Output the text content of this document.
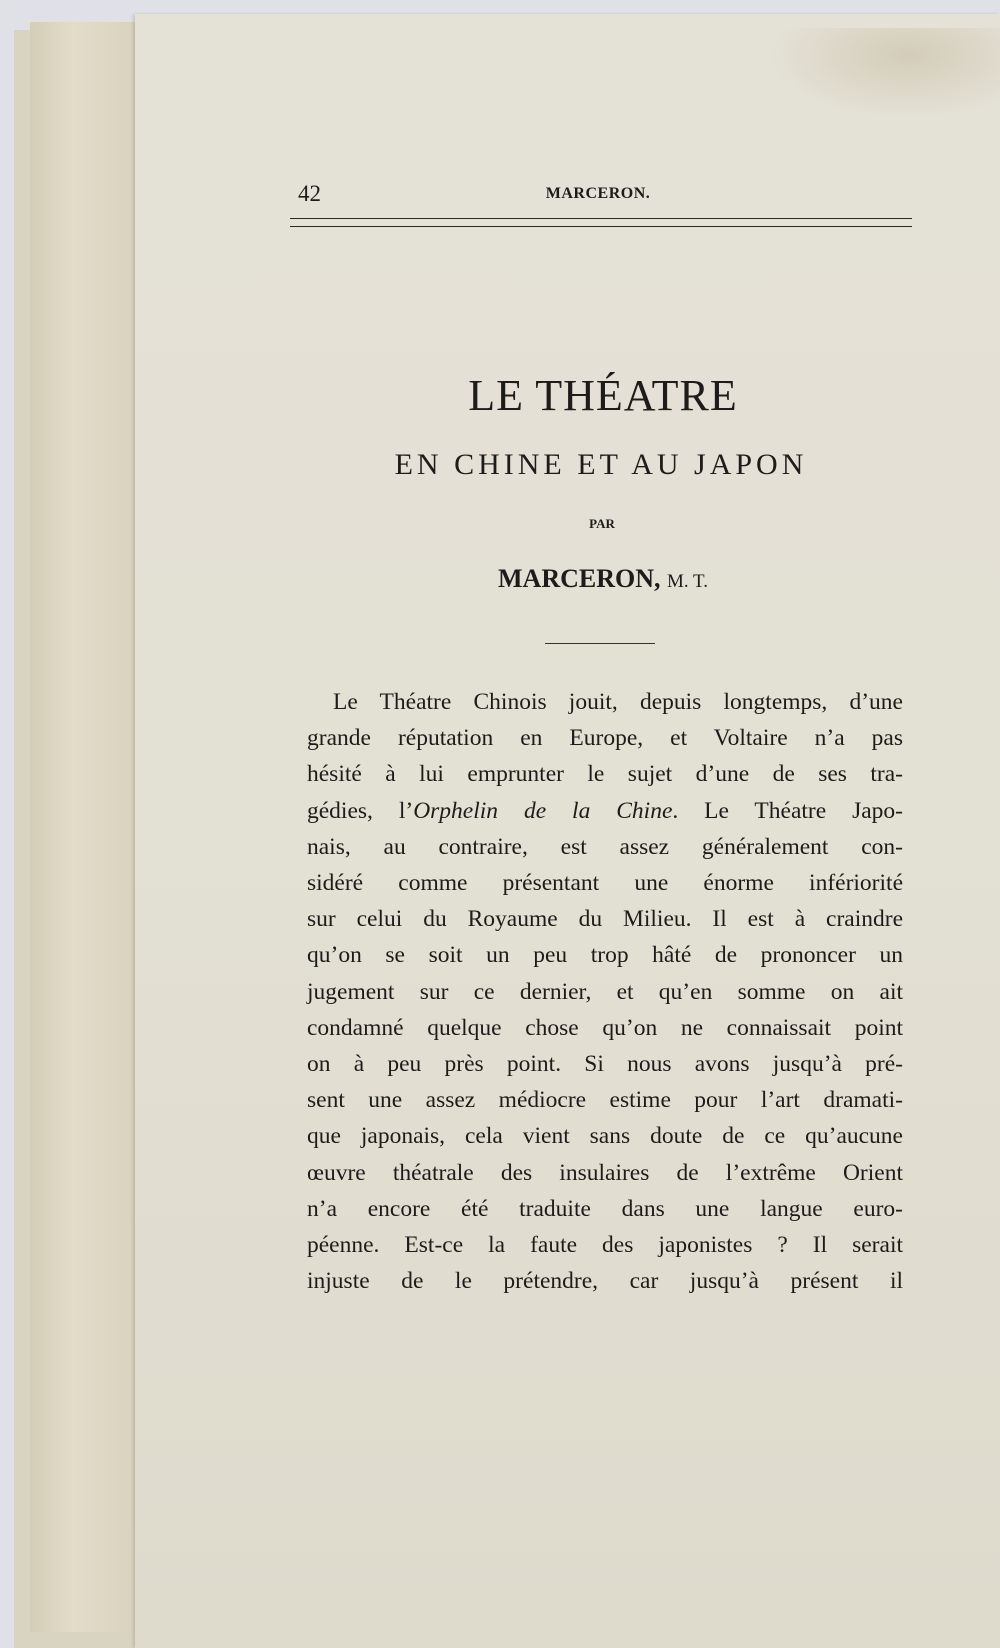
42	MARCERON.
LE THÉATRE
EN CHINE ET AU JAPON
PAR
MARCERON, M. T.
Le Théatre Chinois jouit, depuis longtemps, d’une
grande réputation en Europe, et Voltaire n’a pas
hésité à lui emprunter le sujet d’une de ses tra-
gédies, l’Orphelin de la Chine. Le Théatre Japo-
nais, au contraire, est assez généralement con-
sidéré comme présentant une énorme infériorité
sur celui du Royaume du Milieu. Il est à craindre
qu’on se soit un peu trop hâté de prononcer un
jugement sur ce dernier, et qu’en somme on ait
condamné quelque chose qu’on ne connaissait point
on à peu près point. Si nous avons jusqu’à pré-
sent une assez médiocre estime pour l’art dramati-
que japonais, cela vient sans doute de ce qu’aucune
œuvre théatrale des insulaires de l’extrême Orient
n’a encore été traduite dans une langue euro-
péenne. Est-ce la faute des japonistes ? Il serait
injuste de le prétendre, car jusqu’à présent il
